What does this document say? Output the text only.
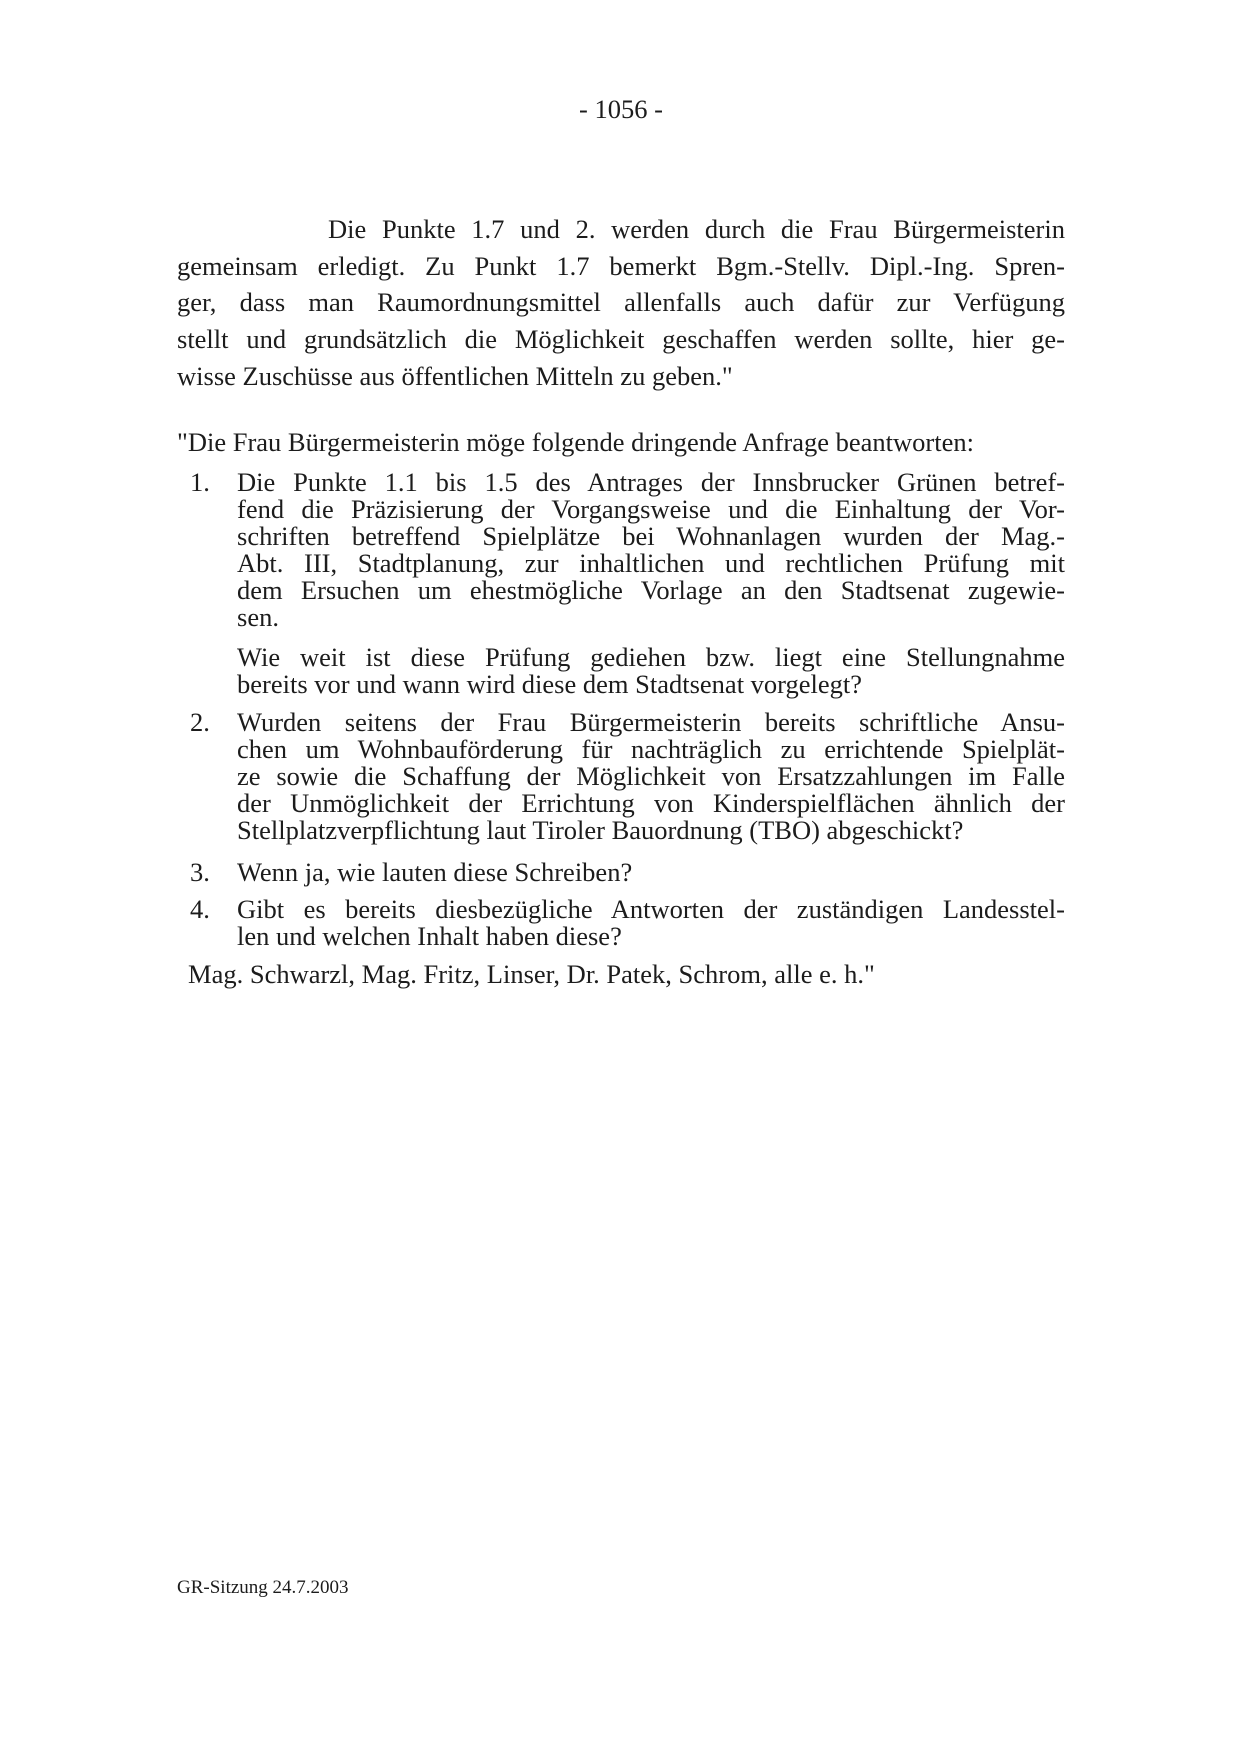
- 1056 -
Die Punkte 1.7 und 2. werden durch die Frau Bürgermeisterin
gemeinsam erledigt. Zu Punkt 1.7 bemerkt Bgm.-Stellv. Dipl.-Ing. Spren-
ger, dass man Raumordnungsmittel allenfalls auch dafür zur Verfügung
stellt und grundsätzlich die Möglichkeit geschaffen werden sollte, hier ge-
wisse Zuschüsse aus öffentlichen Mitteln zu geben."
"Die Frau Bürgermeisterin möge folgende dringende Anfrage beantworten:
1. Die Punkte 1.1 bis 1.5 des Antrages der Innsbrucker Grünen betref-
fend die Präzisierung der Vorgangsweise und die Einhaltung der Vor-
schriften betreffend Spielplätze bei Wohnanlagen wurden der Mag.-
Abt. III, Stadtplanung, zur inhaltlichen und rechtlichen Prüfung mit
dem Ersuchen um ehestmögliche Vorlage an den Stadtsenat zugewie-
sen.
Wie weit ist diese Prüfung gediehen bzw. liegt eine Stellungnahme
bereits vor und wann wird diese dem Stadtsenat vorgelegt?
2. Wurden seitens der Frau Bürgermeisterin bereits schriftliche Ansu-
chen um Wohnbauförderung für nachträglich zu errichtende Spielplät-
ze sowie die Schaffung der Möglichkeit von Ersatzzahlungen im Falle
der Unmöglichkeit der Errichtung von Kinderspielflächen ähnlich der
Stellplatzverpflichtung laut Tiroler Bauordnung (TBO) abgeschickt?
3. Wenn ja, wie lauten diese Schreiben?
4. Gibt es bereits diesbezügliche Antworten der zuständigen Landesstel-
len und welchen Inhalt haben diese?
Mag. Schwarzl, Mag. Fritz, Linser, Dr. Patek, Schrom, alle e. h."
GR-Sitzung 24.7.2003
